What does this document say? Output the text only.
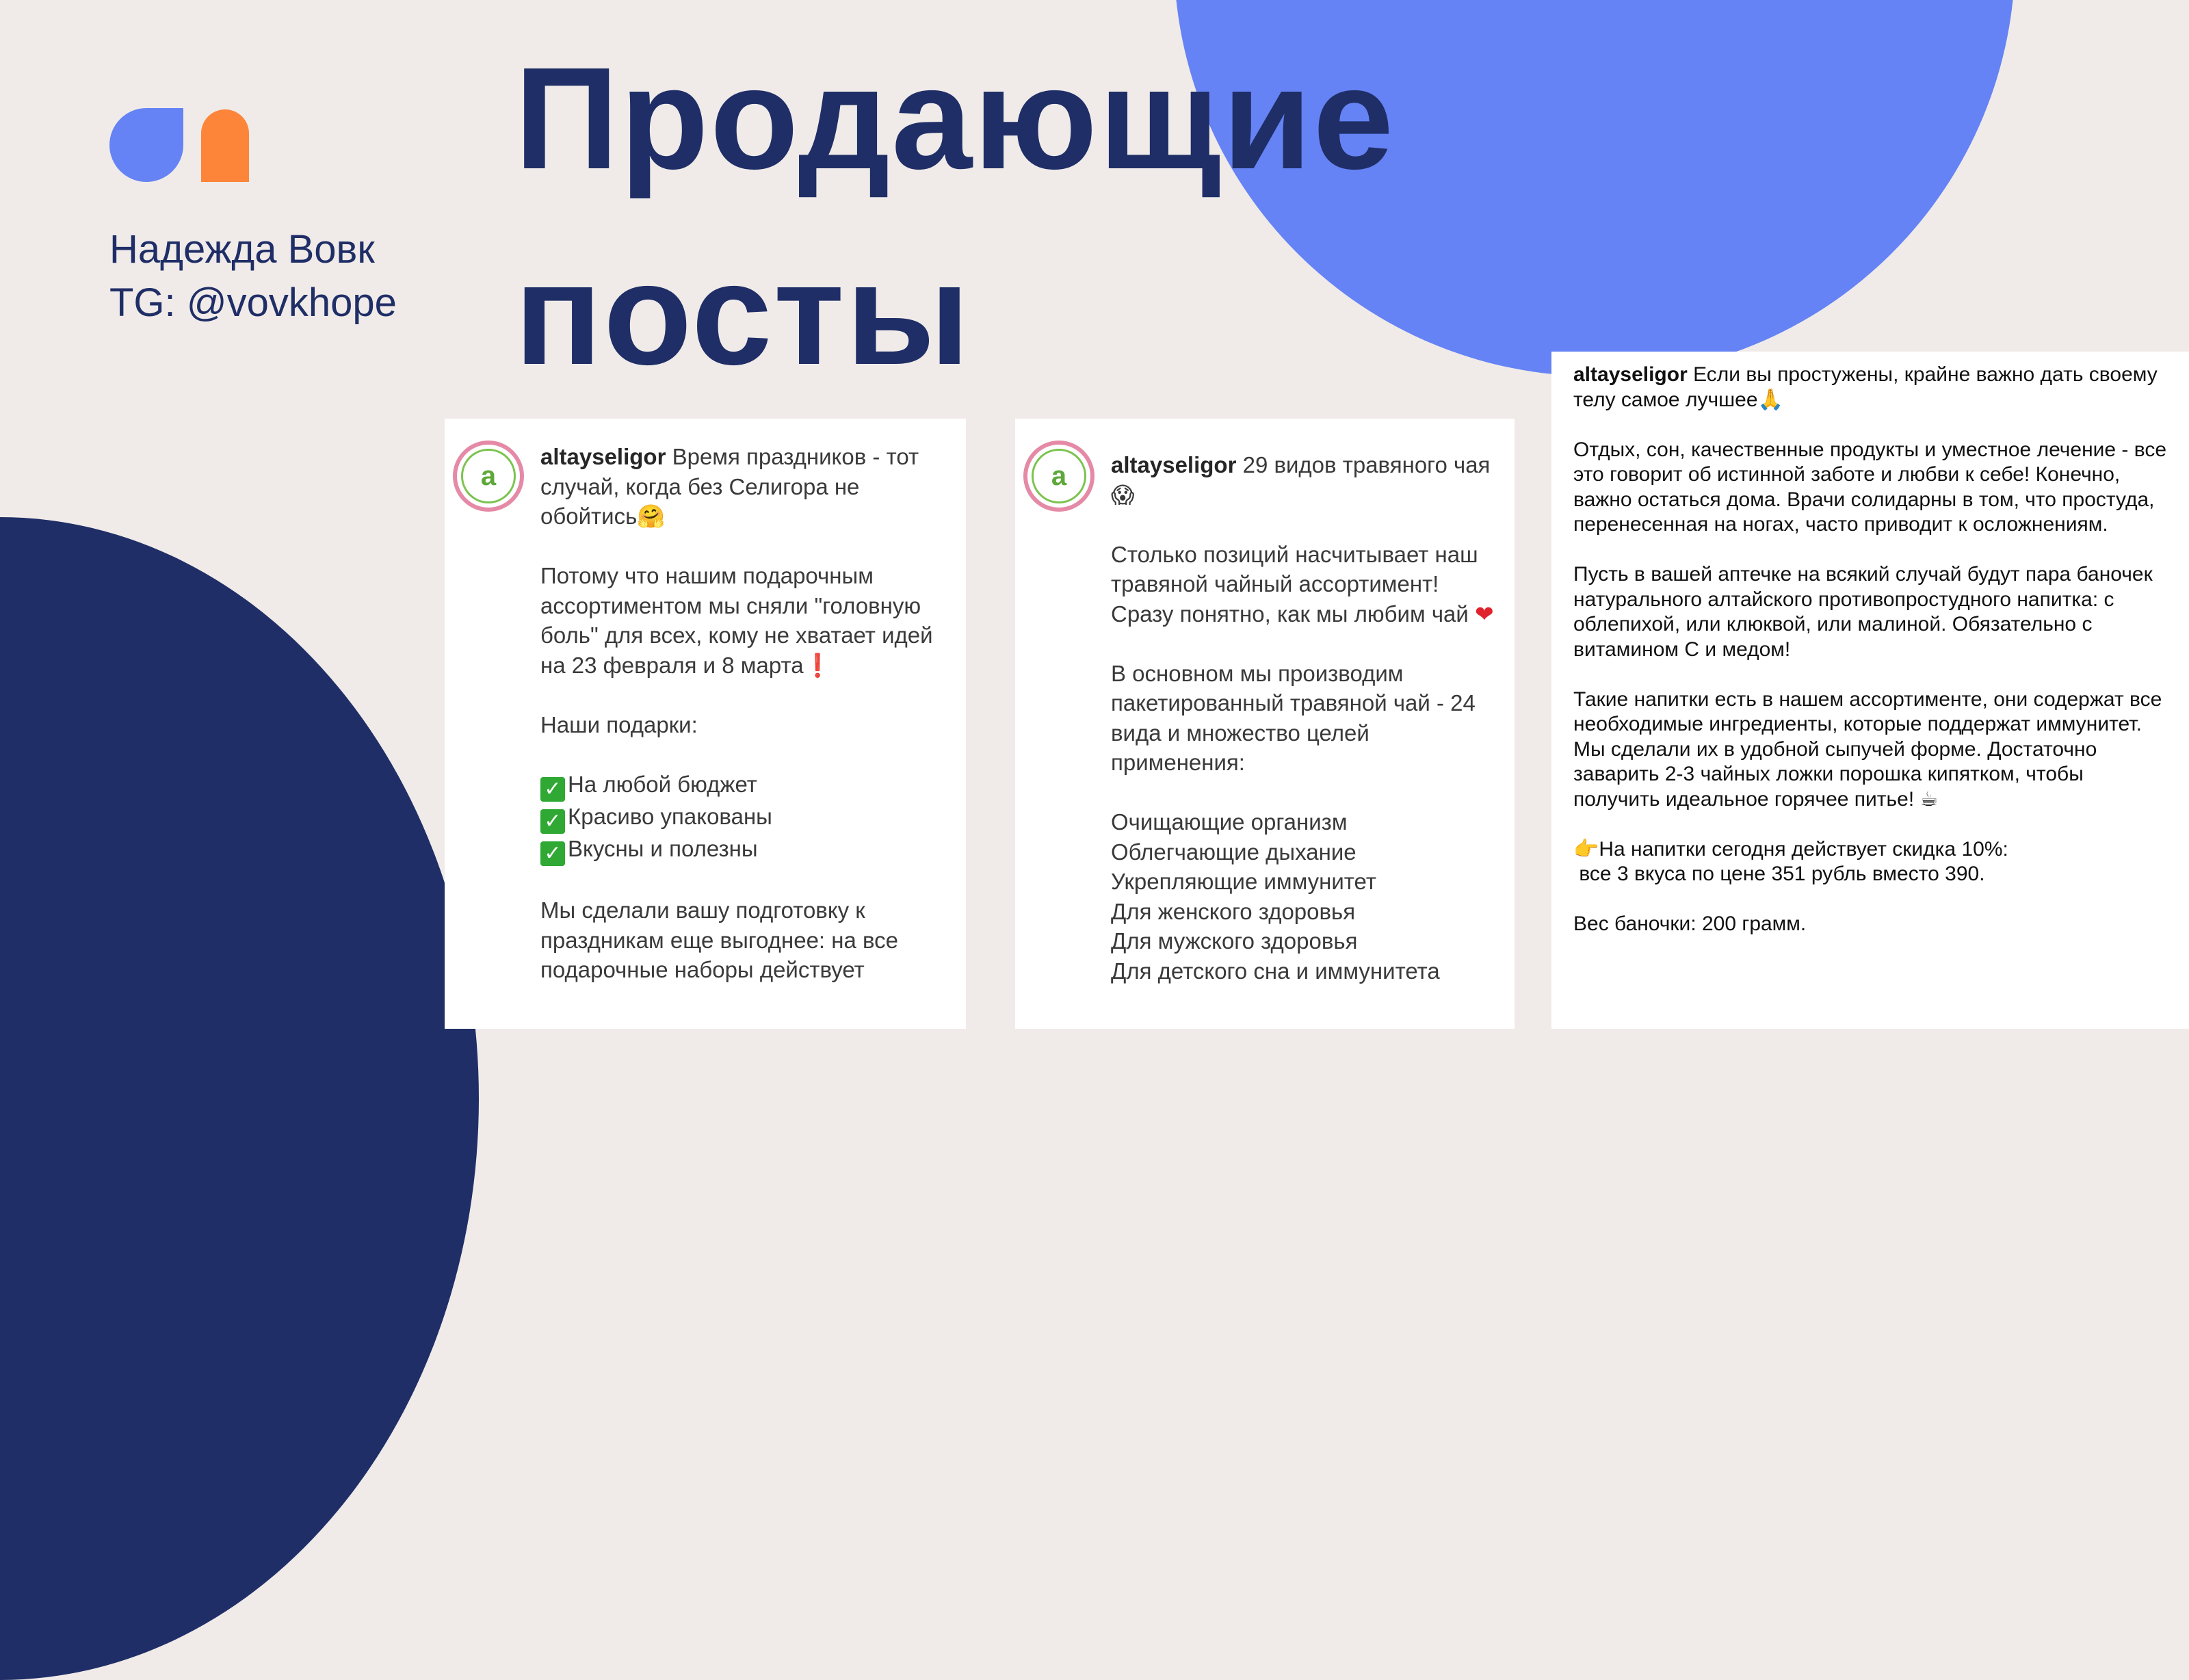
Надежда Вовк
TG: @vovkhope
Продающие
посты
a

altayseligor Время праздников - тот случай, когда без Селигора не обойтись🤗

Потому что нашим подарочным ассортиментом мы сняли "головную боль" для всех, кому не хватает идей на 23 февраля и 8 марта❗

Наши подарки:

✓ На любой бюджет
✓ Красиво упакованы
✓ Вкусны и полезны

Мы сделали вашу подготовку к праздникам еще выгоднее: на все подарочные наборы действует

a	altayseligor 29 видов травяного чая 😱

Столько позиций насчитывает наш травяной чайный ассортимент! Сразу понятно, как мы любим чай ❤

В основном мы производим пакетированный травяной чай - 24 вида и множество целей применения:

Очищающие организм
Облегчающие дыхание
Укрепляющие иммунитет
Для женского здоровья
Для мужского здоровья
Для детского сна и иммунитета

altayseligor Если вы простужены, крайне важно дать своему телу самое лучшее🙏

Отдых, сон, качественные продукты и уместное лечение - все это говорит об истинной заботе и любви к себе! Конечно, важно остаться дома. Врачи солидарны в том, что простуда, перенесенная на ногах, часто приводит к осложнениям.

Пусть в вашей аптечке на всякий случай будут пара баночек натурального алтайского противопростудного напитка: с облепихой, или клюквой, или малиной. Обязательно с витамином С и медом!

Такие напитки есть в нашем ассортименте, они содержат все необходимые ингредиенты, которые поддержат иммунитет. Мы сделали их в удобной сыпучей форме. Достаточно заварить 2-3 чайных ложки порошка кипятком, чтобы получить идеальное горячее питье! ☕

👉На напитки сегодня действует скидка 10%:
все 3 вкуса по цене 351 рубль вместо 390.

Вес баночки: 200 грамм.
